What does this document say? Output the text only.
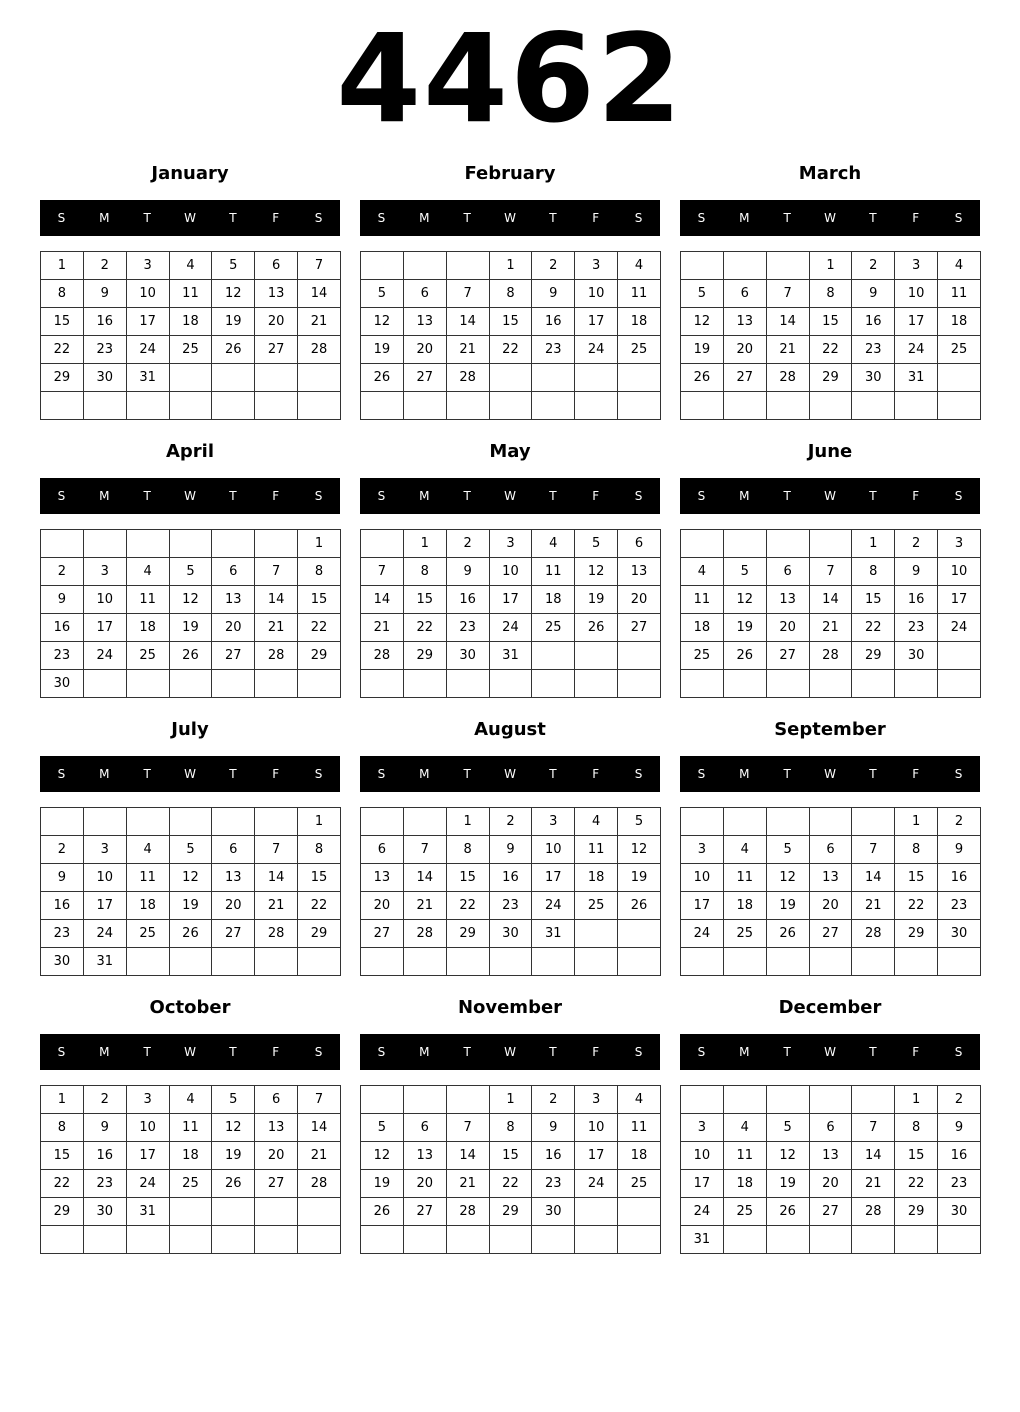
4462
January
S	M	T	W	T	F	S
1	2	3	4	5	6	7
8	9	10	11	12	13	14
15	16	17	18	19	20	21
22	23	24	25	26	27	28
29	30	31				

February
S	M	T	W	T	F	S
			1	2	3	4
5	6	7	8	9	10	11
12	13	14	15	16	17	18
19	20	21	22	23	24	25
26	27	28				

March
S	M	T	W	T	F	S
			1	2	3	4
5	6	7	8	9	10	11
12	13	14	15	16	17	18
19	20	21	22	23	24	25
26	27	28	29	30	31	

April
S	M	T	W	T	F	S
						1
2	3	4	5	6	7	8
9	10	11	12	13	14	15
16	17	18	19	20	21	22
23	24	25	26	27	28	29
30						
May
S	M	T	W	T	F	S
	1	2	3	4	5	6
7	8	9	10	11	12	13
14	15	16	17	18	19	20
21	22	23	24	25	26	27
28	29	30	31			

June
S	M	T	W	T	F	S
				1	2	3
4	5	6	7	8	9	10
11	12	13	14	15	16	17
18	19	20	21	22	23	24
25	26	27	28	29	30	

July
S	M	T	W	T	F	S
						1
2	3	4	5	6	7	8
9	10	11	12	13	14	15
16	17	18	19	20	21	22
23	24	25	26	27	28	29
30	31					
August
S	M	T	W	T	F	S
		1	2	3	4	5
6	7	8	9	10	11	12
13	14	15	16	17	18	19
20	21	22	23	24	25	26
27	28	29	30	31		

September
S	M	T	W	T	F	S
					1	2
3	4	5	6	7	8	9
10	11	12	13	14	15	16
17	18	19	20	21	22	23
24	25	26	27	28	29	30

October
S	M	T	W	T	F	S
1	2	3	4	5	6	7
8	9	10	11	12	13	14
15	16	17	18	19	20	21
22	23	24	25	26	27	28
29	30	31				

November
S	M	T	W	T	F	S
			1	2	3	4
5	6	7	8	9	10	11
12	13	14	15	16	17	18
19	20	21	22	23	24	25
26	27	28	29	30		

December
S	M	T	W	T	F	S
					1	2
3	4	5	6	7	8	9
10	11	12	13	14	15	16
17	18	19	20	21	22	23
24	25	26	27	28	29	30
31						
